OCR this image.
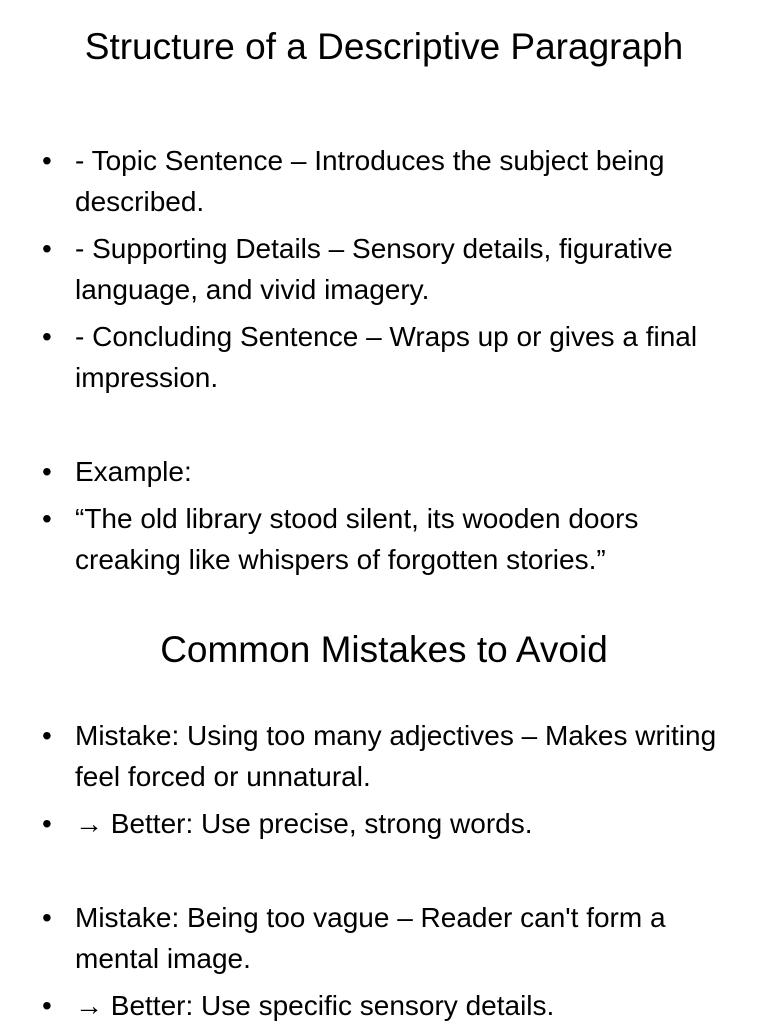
Structure of a Descriptive Paragraph
• - Topic Sentence – Introduces the subject being described.
• - Supporting Details – Sensory details, figurative language, and vivid imagery.
• - Concluding Sentence – Wraps up or gives a final impression.
• Example:
• “The old library stood silent, its wooden doors creaking like whispers of forgotten stories.”
Common Mistakes to Avoid
• Mistake: Using too many adjectives – Makes writing feel forced or unnatural.
• → Better: Use precise, strong words.
• Mistake: Being too vague – Reader can't form a mental image.
• → Better: Use specific sensory details.
